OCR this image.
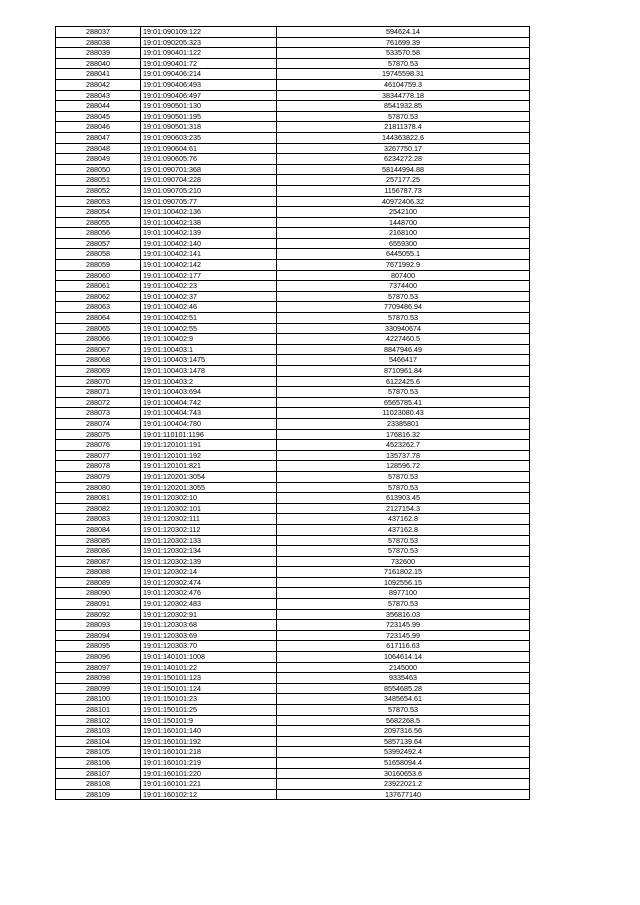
288037	19:01:090109:122	594624.14
288038	19:01:090205:323	761699.39
288039	19:01:090401:122	533570.58
288040	19:01:090401:72	57870.53
288041	19:01:090406:214	19745598.31
288042	19:01:090406:493	46104759.3
288043	19:01:090406:497	38344778.18
288044	19:01:090501:130	8541932.85
288045	19:01:090501:195	57870.53
288046	19:01:090501:318	21811378.4
288047	19:01:090603:235	144363822.6
288048	19:01:090604:61	3267750.17
288049	19:01:090605:76	6234272.28
288050	19:01:090701:368	58144994.88
288051	19:01:090704:228	257177.25
288052	19:01:090705:210	1156787.73
288053	19:01:090705:77	40972406.32
288054	19:01:100402:136	2542100
288055	19:01:100402:138	1448700
288056	19:01:100402:139	2168100
288057	19:01:100402:140	6559300
288058	19:01:100402:141	6445055.1
288059	19:01:100402:142	7671992.9
288060	19:01:100402:177	807400
288061	19:01:100402:23	7374400
288062	19:01:100402:37	57870.53
288063	19:01:100402:46	7709486.94
288064	19:01:100402:51	57870.53
288065	19:01:100402:55	330940674
288066	19:01:100402:9	4227460.5
288067	19:01:100403:1	8847946.49
288068	19:01:100403:1475	5466417
288069	19:01:100403:1478	8710961.84
288070	19:01:100403:2	6122425.6
288071	19:01:100403:694	57870.53
288072	19:01:100404:742	6565785.41
288073	19:01:100404:743	11023080.43
288074	19:01:100404:780	23385801
288075	19:01:110101:1196	176816.32
288076	19:01:120101:191	4523262.7
288077	19:01:120101:192	135737.78
288078	19:01:120101:821	128596.72
288079	19:01:120201:3054	57870.53
288080	19:01:120201:3055	57870.53
288081	19:01:120302:10	613903.45
288082	19:01:120302:101	2127154.3
288083	19:01:120302:111	437162.8
288084	19:01:120302:112	437162.8
288085	19:01:120302:133	57870.53
288086	19:01:120302:134	57870.53
288087	19:01:120302:139	732600
288088	19:01:120302:14	7161802.15
288089	19:01:120302:474	1092556.15
288090	19:01:120302:476	8977100
288091	19:01:120302:483	57870.53
288092	19:01:120302:91	356816.03
288093	19:01:120303:68	723145.99
288094	19:01:120303:69	723145.99
288095	19:01:120303:70	617116.63
288096	19:01:140101:1008	1064614.14
288097	19:01:140101:22	2145000
288098	19:01:150101:123	9335463
288099	19:01:150101:124	8554685.28
288100	19:01:150101:23	3485654.61
288101	19:01:150101:25	57870.53
288102	19:01:150101:9	5682268.5
288103	19:01:160101:140	2097316.56
288104	19:01:160101:192	5857139.64
288105	19:01:160101:218	53992492.4
288106	19:01:160101:219	51658094.4
288107	19:01:160101:220	30160653.6
288108	19:01:160101:221	23922021.2
288109	19:01:160102:12	137677140
